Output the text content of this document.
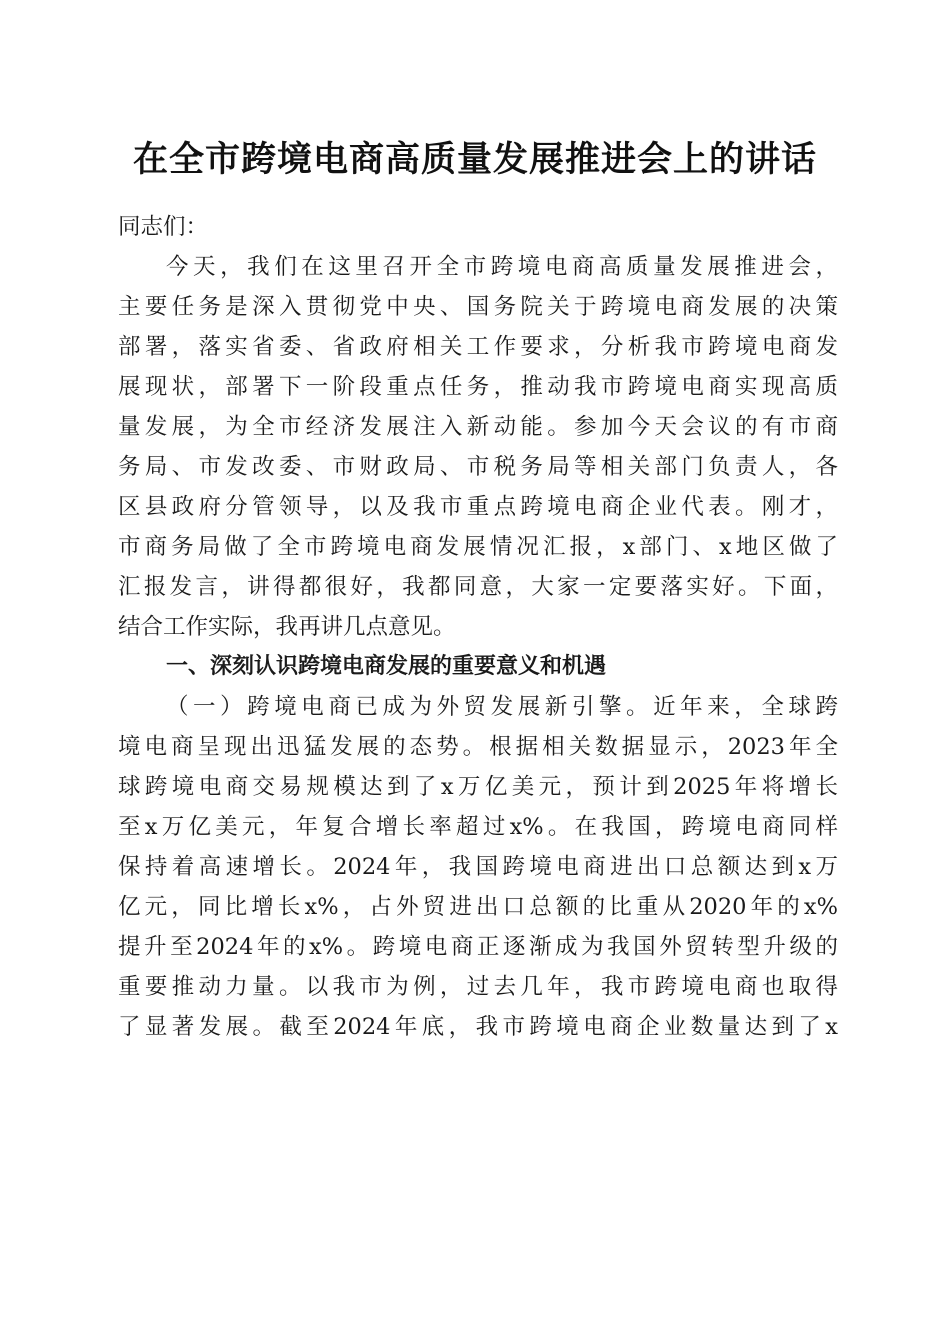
在全市跨境电商高质量发展推进会上的讲话
同志们：
今天，我们在这里召开全市跨境电商高质量发展推进会，
主要任务是深入贯彻党中央、国务院关于跨境电商发展的决策
部署，落实省委、省政府相关工作要求，分析我市跨境电商发
展现状，部署下一阶段重点任务，推动我市跨境电商实现高质
量发展，为全市经济发展注入新动能。参加今天会议的有市商
务局、市发改委、市财政局、市税务局等相关部门负责人，各
区县政府分管领导，以及我市重点跨境电商企业代表。刚才，
市商务局做了全市跨境电商发展情况汇报，x部门、x地区做了
汇报发言，讲得都很好，我都同意，大家一定要落实好。下面，
结合工作实际，我再讲几点意见。
一、深刻认识跨境电商发展的重要意义和机遇
（一）跨境电商已成为外贸发展新引擎。近年来，全球跨
境电商呈现出迅猛发展的态势。根据相关数据显示，2023年全
球跨境电商交易规模达到了x万亿美元，预计到2025年将增长
至x万亿美元，年复合增长率超过x%。在我国，跨境电商同样
保持着高速增长。2024年，我国跨境电商进出口总额达到x万
亿元，同比增长x%，占外贸进出口总额的比重从2020年的x%
提升至2024年的x%。跨境电商正逐渐成为我国外贸转型升级的
重要推动力量。以我市为例，过去几年，我市跨境电商也取得
了显著发展。截至2024年底，我市跨境电商企业数量达到了x
